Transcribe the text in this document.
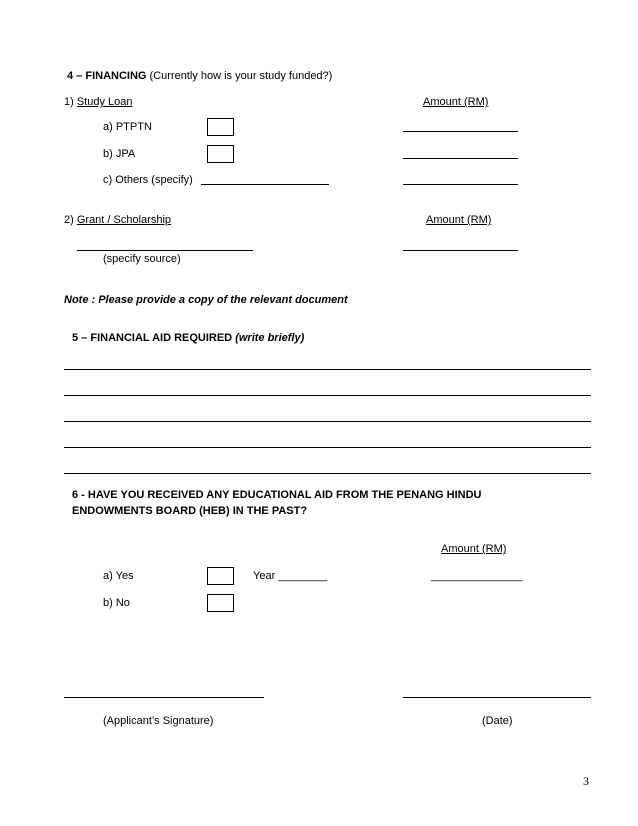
4 – FINANCING (Currently how is your study funded?)
1) Study Loan	Amount (RM)
a) PTPTN
b) JPA
c) Others (specify)
2) Grant / Scholarship	Amount (RM)
(specify source)
Note : Please provide a copy of the relevant document
5 – FINANCIAL AID REQUIRED (write briefly)
6 - HAVE YOU RECEIVED ANY EDUCATIONAL AID FROM THE PENANG HINDU
ENDOWMENTS BOARD (HEB) IN THE PAST?
Amount (RM)
a) Yes	Year ________	_______________
b) No
(Applicant’s Signature)	(Date)
3
